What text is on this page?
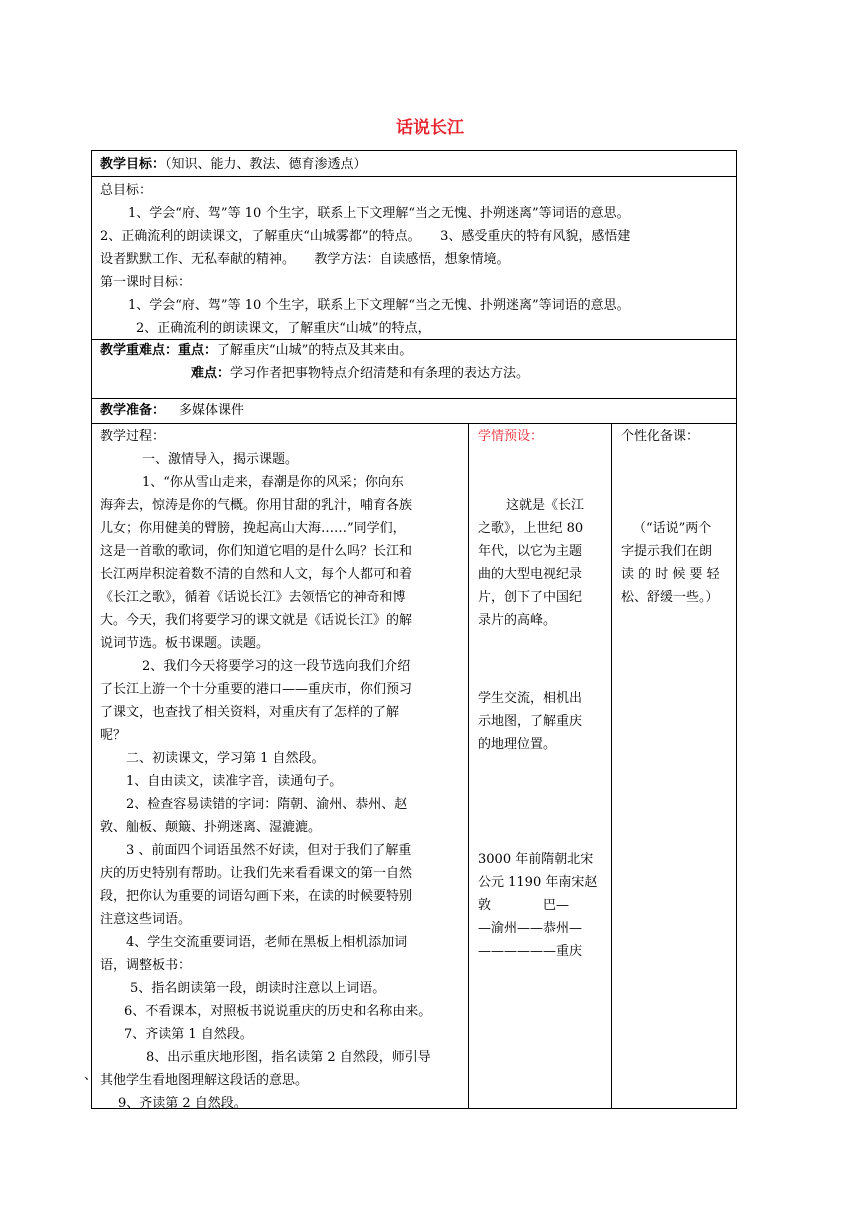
话说长江
教学目标：（知识、能力、教法、德育渗透点）

总目标：

1、学会“府、驾”等 10 个生字，联系上下文理解“当之无愧、扑朔迷离”等词语的意思。

2、正确流利的朗读课文，了解重庆“山城雾都”的特点。　　3、感受重庆的特有风貌，感悟建

设者默默工作、无私奉献的精神。　　教学方法：自读感悟，想象情境。

第一课时目标：

1、学会“府、驾”等 10 个生字，联系上下文理解“当之无愧、扑朔迷离”等词语的意思。

2、正确流利的朗读课文，了解重庆“山城”的特点，

教学重难点：重点：了解重庆“山城”的特点及其来由。

难点：学习作者把事物特点介绍清楚和有条理的表达方法。

教学准备： 多媒体课件

教学过程：

一、激情导入，揭示课题。

1、“你从雪山走来，春潮是你的风采；你向东

海奔去，惊涛是你的气概。你用甘甜的乳汁，哺育各族

儿女；你用健美的臂膀，挽起高山大海……”同学们，

这是一首歌的歌词，你们知道它唱的是什么吗？长江和

长江两岸积淀着数不清的自然和人文，每个人都可和着

《长江之歌》，循着《话说长江》去领悟它的神奇和博

大。今天，我们将要学习的课文就是《话说长江》的解

说词节选。板书课题。读题。

2、我们今天将要学习的这一段节选向我们介绍

了长江上游一个十分重要的港口——重庆市，你们预习

了课文，也查找了相关资料，对重庆有了怎样的了解

呢？

二、初读课文，学习第 1 自然段。

1、自由读文，读准字音，读通句子。

2、检查容易读错的字词：隋朝、渝州、恭州、赵

敦、舢板、颠簸、扑朔迷离、湿漉漉。

3 、前面四个词语虽然不好读，但对于我们了解重

庆的历史特别有帮助。让我们先来看看课文的第一自然

段，把你认为重要的词语勾画下来，在读的时候要特别

注意这些词语。

4、学生交流重要词语，老师在黑板上相机添加词

语，调整板书：

5、指名朗读第一段，朗读时注意以上词语。

6、不看课本，对照板书说说重庆的历史和名称由来。

7、齐读第 1 自然段。

8、出示重庆地形图，指名读第 2 自然段，师引导

其他学生看地图理解这段话的意思。

9、齐读第 2 自然段。

、

学情预设：

这就是《长江

之歌》，上世纪 80

年代，以它为主题

曲的大型电视纪录

片，创下了中国纪

录片的高峰。

学生交流，相机出

示地图，了解重庆

的地理位置。

3000 年前隋朝北宋

公元 1190 年南宋赵

敦　　　　巴—

—渝州——恭州—

——————重庆

个性化备课：

（“话说”两个

字提示我们在朗

读 的 时 候 要 轻

松、舒缓一些。）
